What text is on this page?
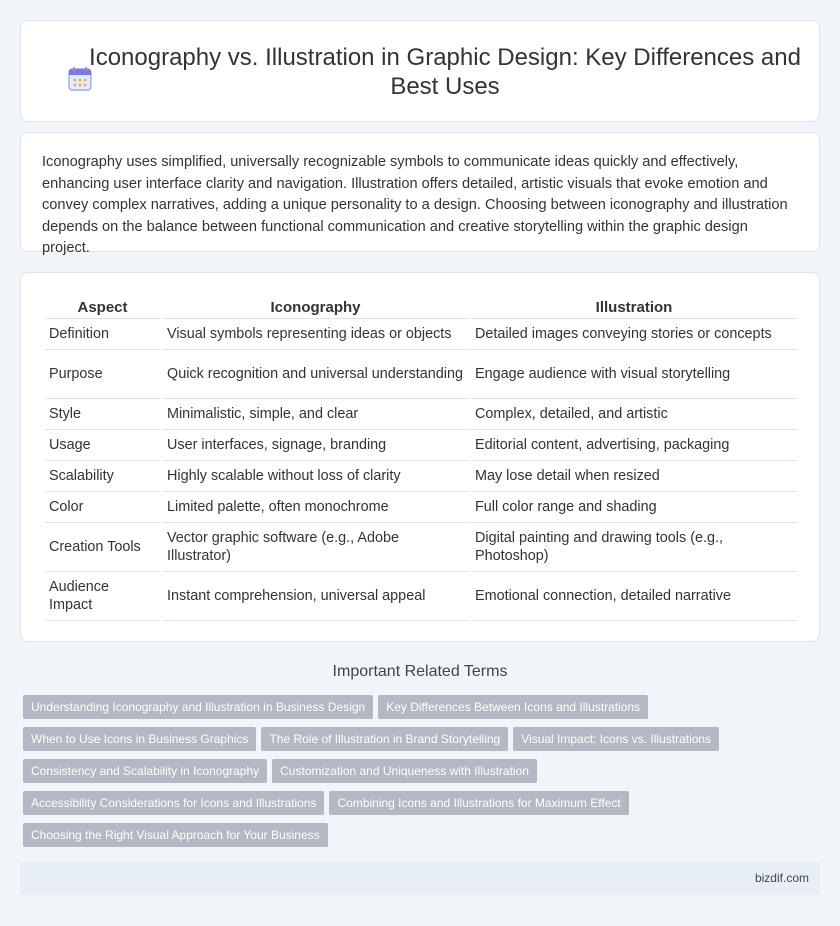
Iconography vs. Illustration in Graphic Design: Key Differences and Best Uses

Iconography uses simplified, universally recognizable symbols to communicate ideas quickly and effectively, enhancing user interface clarity and navigation. Illustration offers detailed, artistic visuals that evoke emotion and convey complex narratives, adding a unique personality to a design. Choosing between iconography and illustration depends on the balance between functional communication and creative storytelling within the graphic design project.

Aspect	Iconography	Illustration
Definition	Visual symbols representing ideas or objects	Detailed images conveying stories or concepts
Purpose	Quick recognition and universal understanding	Engage audience with visual storytelling
Style	Minimalistic, simple, and clear	Complex, detailed, and artistic
Usage	User interfaces, signage, branding	Editorial content, advertising, packaging
Scalability	Highly scalable without loss of clarity	May lose detail when resized
Color	Limited palette, often monochrome	Full color range and shading
Creation Tools	Vector graphic software (e.g., Adobe Illustrator)	Digital painting and drawing tools (e.g., Photoshop)
Audience Impact	Instant comprehension, universal appeal	Emotional connection, detailed narrative
Important Related Terms
Understanding Iconography and Illustration in Business Design Key Differences Between Icons and Illustrations
When to Use Icons in Business Graphics The Role of Illustration in Brand Storytelling Visual Impact: Icons vs. Illustrations
Consistency and Scalability in Iconography Customization and Uniqueness with Illustration
Accessibility Considerations for Icons and Illustrations Combining Icons and Illustrations for Maximum Effect
Choosing the Right Visual Approach for Your Business
bizdif.com
